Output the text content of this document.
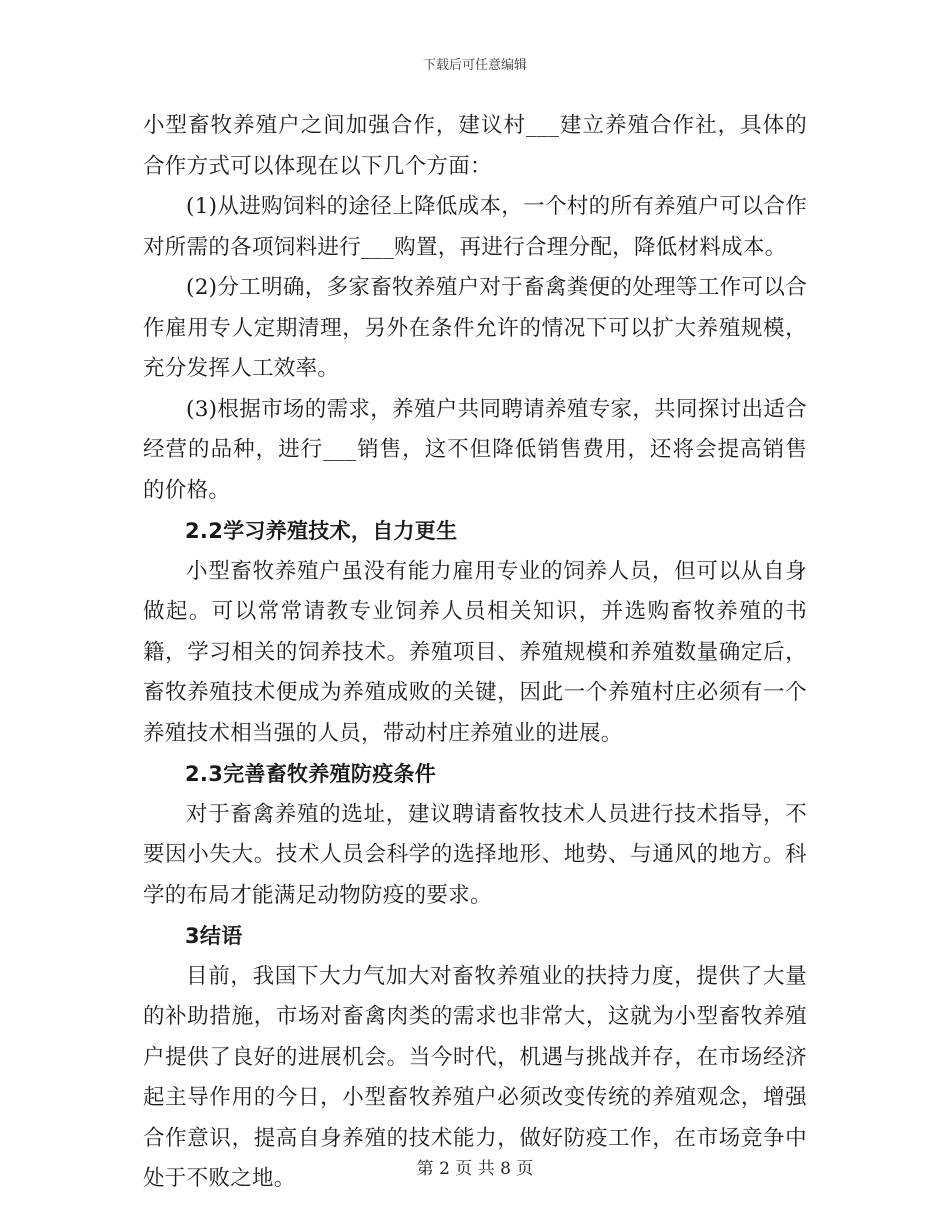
下载后可任意编辑

小型畜牧养殖户之间加强合作，建议村___建立养殖合作社，具体的合作方式可以体现在以下几个方面：

(1)从进购饲料的途径上降低成本，一个村的所有养殖户可以合作对所需的各项饲料进行___购置，再进行合理分配，降低材料成本。

(2)分工明确，多家畜牧养殖户对于畜禽粪便的处理等工作可以合作雇用专人定期清理，另外在条件允许的情况下可以扩大养殖规模，充分发挥人工效率。

(3)根据市场的需求，养殖户共同聘请养殖专家，共同探讨出适合经营的品种，进行___销售，这不但降低销售费用，还将会提高销售的价格。

2.2学习养殖技术，自力更生

小型畜牧养殖户虽没有能力雇用专业的饲养人员，但可以从自身做起。可以常常请教专业饲养人员相关知识，并选购畜牧养殖的书籍，学习相关的饲养技术。养殖项目、养殖规模和养殖数量确定后，畜牧养殖技术便成为养殖成败的关键，因此一个养殖村庄必须有一个养殖技术相当强的人员，带动村庄养殖业的进展。

2.3完善畜牧养殖防疫条件

对于畜禽养殖的选址，建议聘请畜牧技术人员进行技术指导，不要因小失大。技术人员会科学的选择地形、地势、与通风的地方。科学的布局才能满足动物防疫的要求。

3结语

目前，我国下大力气加大对畜牧养殖业的扶持力度，提供了大量的补助措施，市场对畜禽肉类的需求也非常大，这就为小型畜牧养殖户提供了良好的进展机会。当今时代，机遇与挑战并存，在市场经济起主导作用的今日，小型畜牧养殖户必须改变传统的养殖观念，增强合作意识，提高自身养殖的技术能力，做好防疫工作，在市场竞争中处于不败之地。	第 2 页 共 8 页
